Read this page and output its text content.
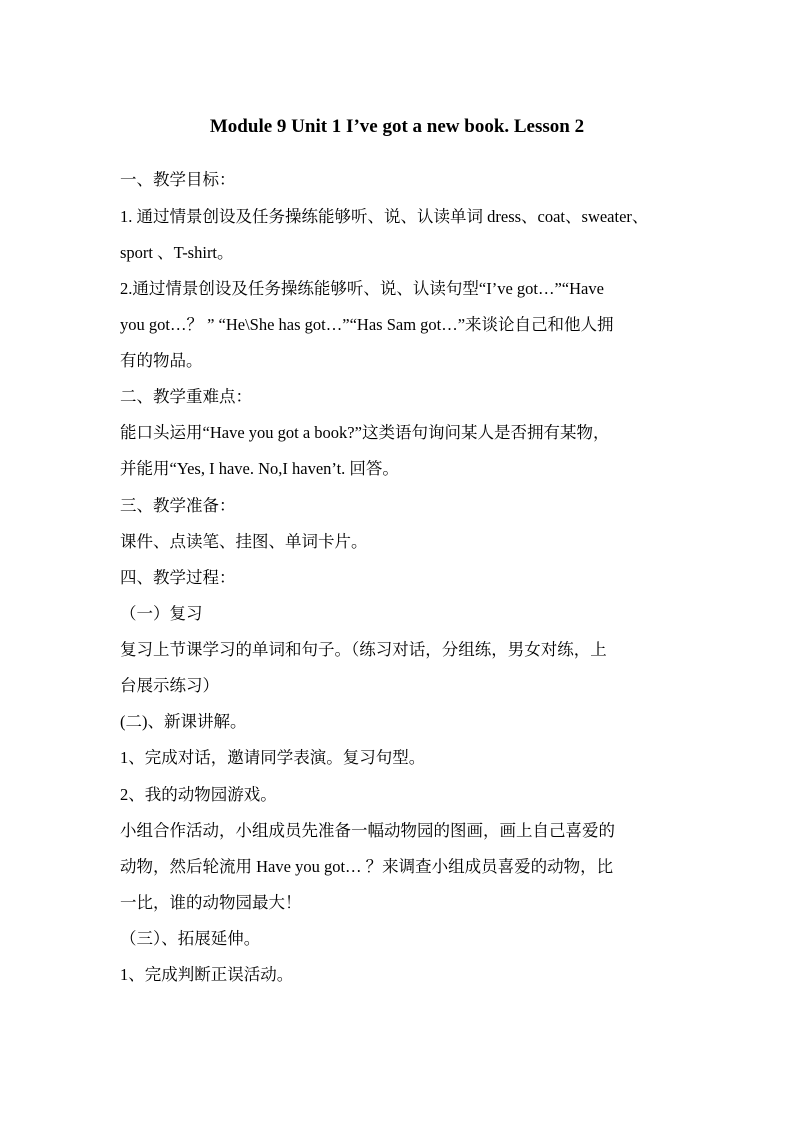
Module 9 Unit 1 I’ve got a new book. Lesson 2
一、教学目标：
1. 通过情景创设及任务操练能够听、说、认读单词 dress、coat、sweater、
sport 、T-shirt。
2.通过情景创设及任务操练能够听、说、认读句型“I’ve got…”“Have
you got…？ ” “He\She has got…”“Has Sam got…”来谈论自己和他人拥
有的物品。
二、教学重难点：
能口头运用“Have you got a book?”这类语句询问某人是否拥有某物，
并能用“Yes, I have. No,I haven’t. 回答。
三、教学准备：
课件、点读笔、挂图、单词卡片。
四、教学过程：
（一）复习
复习上节课学习的单词和句子。（练习对话，分组练，男女对练，上
台展示练习）
(二)、新课讲解。
1、完成对话，邀请同学表演。复习句型。
2、我的动物园游戏。
小组合作活动，小组成员先准备一幅动物园的图画，画上自己喜爱的
动物，然后轮流用 Have you got… ？来调查小组成员喜爱的动物，比
一比，谁的动物园最大！
（三）、拓展延伸。
1、完成判断正误活动。
